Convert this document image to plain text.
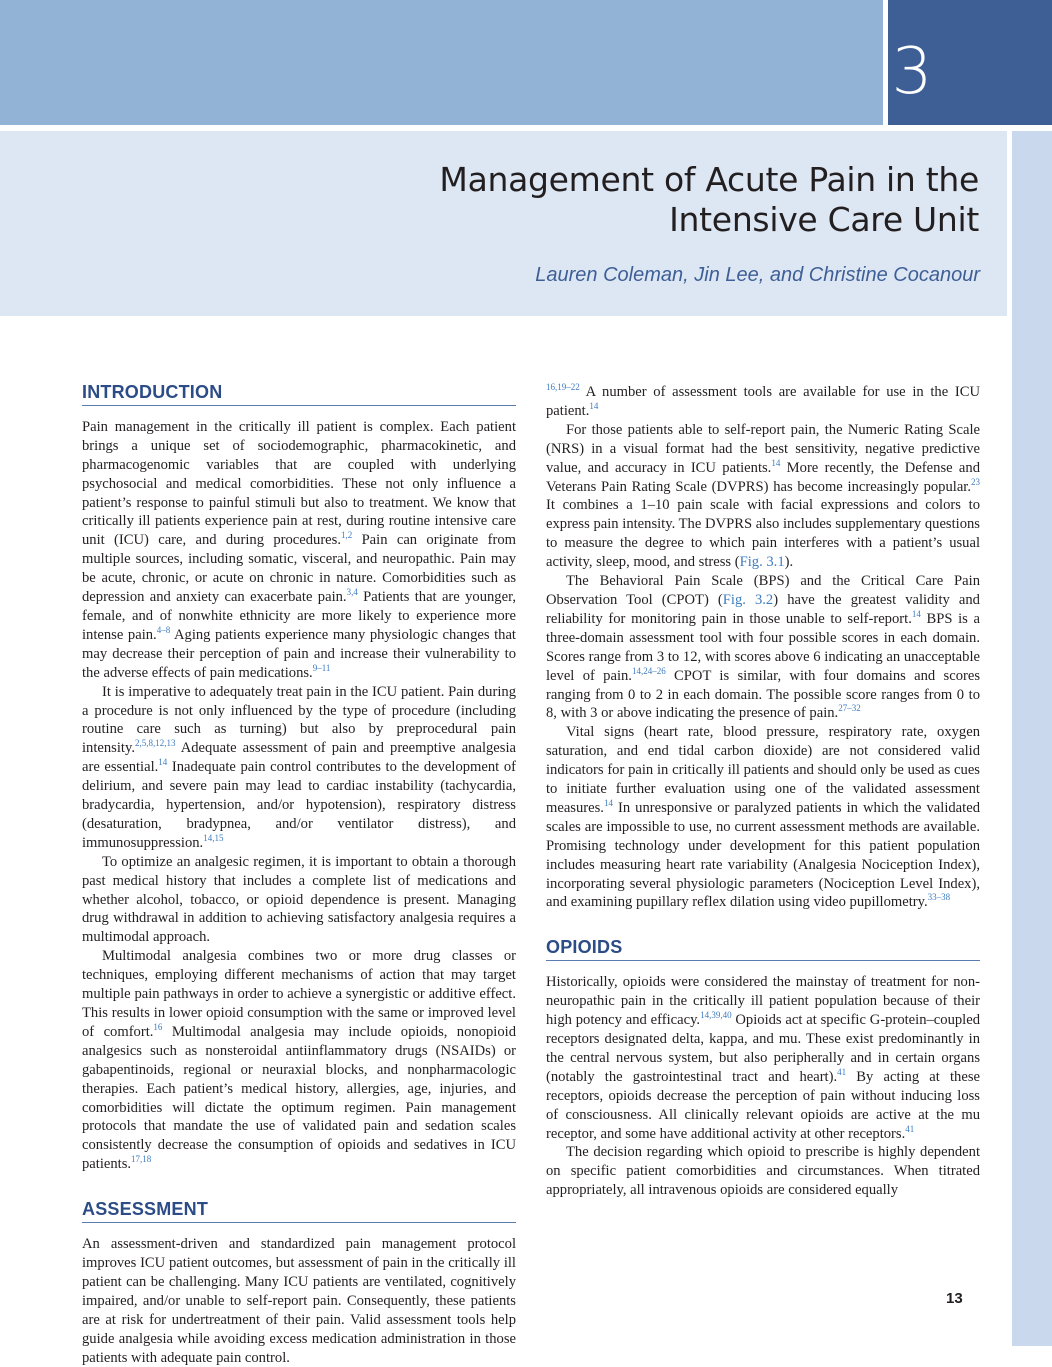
3
Management of Acute Pain in the
Intensive Care Unit
Lauren Coleman, Jin Lee, and Christine Cocanour
INTRODUCTION

Pain management in the critically ill patient is complex. Each patient brings a unique set of sociodemographic, pharmacokinetic, and pharmacogenomic variables that are coupled with underlying psychosocial and medical comorbidities. These not only influence a patient’s response to painful stimuli but also to treatment. We know that critically ill patients experience pain at rest, during routine intensive care unit (ICU) care, and during procedures.$^{1,2}$ Pain can originate from multiple sources, including somatic, visceral, and neuropathic. Pain may be acute, chronic, or acute on chronic in nature. Comorbidities such as depression and anxiety can exacerbate pain.$^{3,4}$ Patients that are younger, female, and of nonwhite ethnicity are more likely to experience more intense pain.$^{4-8}$ Aging patients experience many physiologic changes that may decrease their perception of pain and increase their vulnerability to the adverse effects of pain medications.$^{9-11}$

It is imperative to adequately treat pain in the ICU patient. Pain during a procedure is not only influenced by the type of procedure (including routine care such as turning) but also by preprocedural pain intensity.$^{2,5,8,12,13}$ Adequate assessment of pain and preemptive analgesia are essential.$^{14}$ Inadequate pain control contributes to the development of delirium, and severe pain may lead to cardiac instability (tachycardia, bradycardia, hypertension, and/or hypotension), respiratory distress (desaturation, bradypnea, and/or ventilator distress), and immunosuppression.$^{14,15}$

To optimize an analgesic regimen, it is important to obtain a thorough past medical history that includes a complete list of medications and whether alcohol, tobacco, or opioid dependence is present. Managing drug withdrawal in addition to achieving satisfactory analgesia requires a multimodal approach.

Multimodal analgesia combines two or more drug classes or techniques, employing different mechanisms of action that may target multiple pain pathways in order to achieve a synergistic or additive effect. This results in lower opioid consumption with the same or improved level of comfort.$^{16}$ Multimodal analgesia may include opioids, nonopioid analgesics such as nonsteroidal antiinflammatory drugs (NSAIDs) or gabapentinoids, regional or neuraxial blocks, and nonpharmacologic therapies. Each patient’s medical history, allergies, age, injuries, and comorbidities will dictate the optimum regimen. Pain management protocols that mandate the use of validated pain and sedation scales consistently decrease the consumption of opioids and sedatives in ICU patients.$^{17,18}$

ASSESSMENT

An assessment-driven and standardized pain management protocol improves ICU patient outcomes, but assessment of pain in the critically ill patient can be challenging. Many ICU patients are ventilated, cognitively impaired, and/or unable to self-report pain. Consequently, these patients are at risk for undertreatment of their pain. Valid assessment tools help guide analgesia while avoiding excess medication administration in those patients with adequate pain control.

$^{16,19-22}$ A number of assessment tools are available for use in the ICU patient.$^{14}$

For those patients able to self-report pain, the Numeric Rating Scale (NRS) in a visual format had the best sensitivity, negative predictive value, and accuracy in ICU patients.$^{14}$ More recently, the Defense and Veterans Pain Rating Scale (DVPRS) has become increasingly popular.$^{23}$ It combines a 1–10 pain scale with facial expressions and colors to express pain intensity. The DVPRS also includes supplementary questions to measure the degree to which pain interferes with a patient’s usual activity, sleep, mood, and stress (Fig. 3.1).

The Behavioral Pain Scale (BPS) and the Critical Care Pain Observation Tool (CPOT) (Fig. 3.2) have the greatest validity and reliability for monitoring pain in those unable to self-report.$^{14}$ BPS is a three-domain assessment tool with four possible scores in each domain. Scores range from 3 to 12, with scores above 6 indicating an unacceptable level of pain.$^{14,24-26}$ CPOT is similar, with four domains and scores ranging from 0 to 2 in each domain. The possible score ranges from 0 to 8, with 3 or above indicating the presence of pain.$^{27-32}$

Vital signs (heart rate, blood pressure, respiratory rate, oxygen saturation, and end tidal carbon dioxide) are not considered valid indicators for pain in critically ill patients and should only be used as cues to initiate further evaluation using one of the validated assessment measures.$^{14}$ In unresponsive or paralyzed patients in which the validated scales are impossible to use, no current assessment methods are available. Promising technology under development for this patient population includes measuring heart rate variability (Analgesia Nociception Index), incorporating several physiologic parameters (Nociception Level Index), and examining pupillary reflex dilation using video pupillometry.$^{33-38}$

OPIOIDS

Historically, opioids were considered the mainstay of treatment for non-neuropathic pain in the critically ill patient population because of their high potency and efficacy.$^{14,39,40}$ Opioids act at specific G-protein–coupled receptors designated delta, kappa, and mu. These exist predominantly in the central nervous system, but also peripherally and in certain organs (notably the gastrointestinal tract and heart).$^{41}$ By acting at these receptors, opioids decrease the perception of pain without inducing loss of consciousness. All clinically relevant opioids are active at the mu receptor, and some have additional activity at other receptors.$^{41}$

The decision regarding which opioid to prescribe is highly dependent on specific patient comorbidities and circumstances. When titrated appropriately, all intravenous opioids are considered equally

13
